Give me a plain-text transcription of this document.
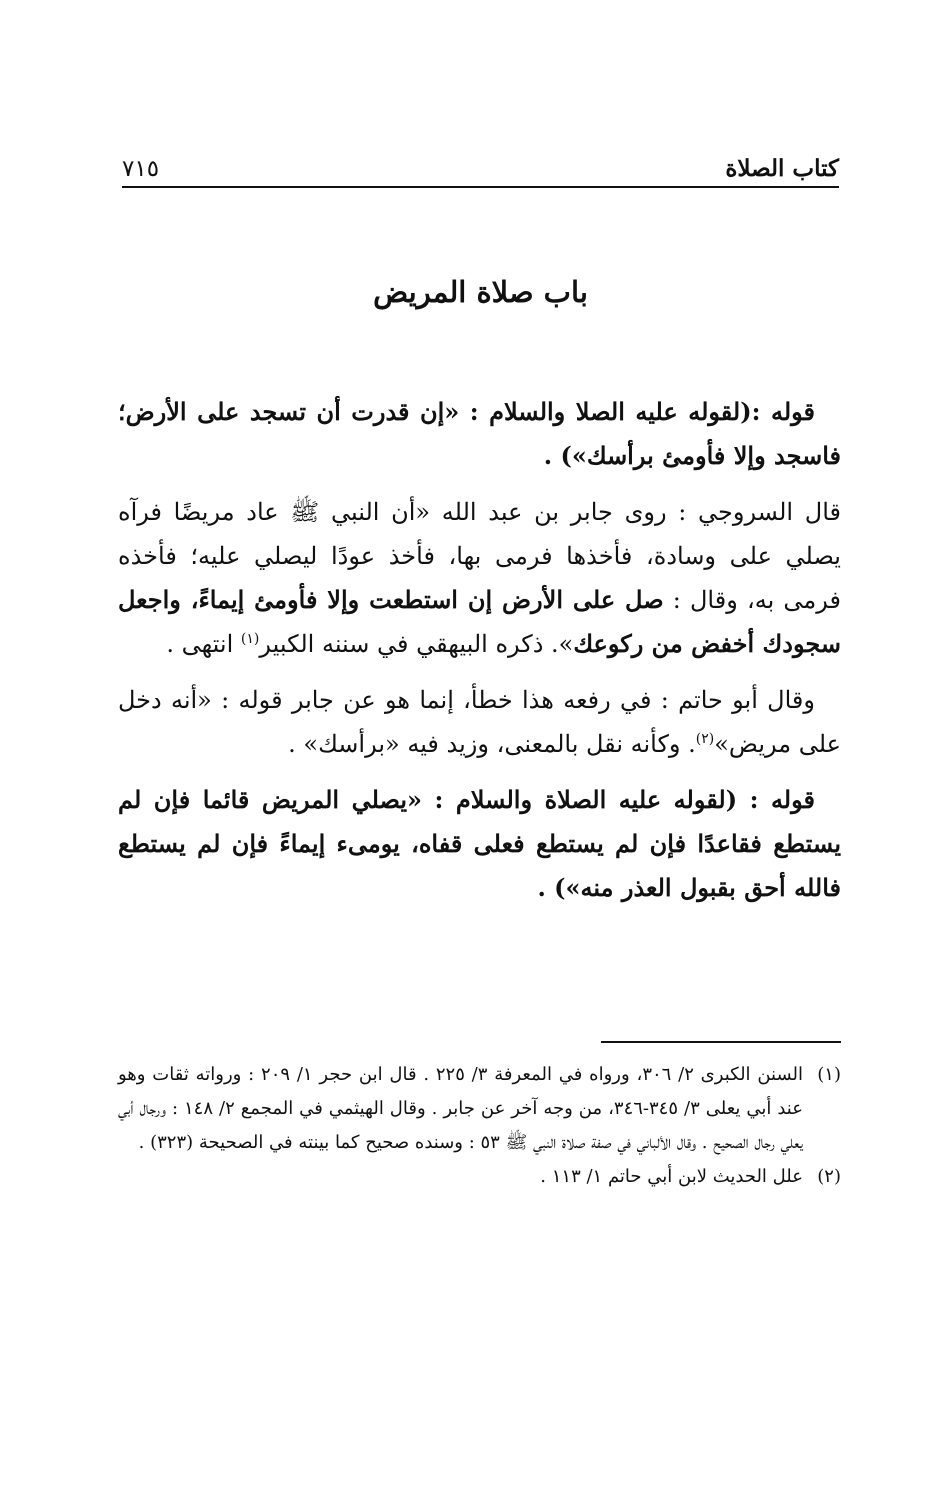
كتاب الصلاة
٧١٥
باب صلاة المريض

قوله :(لقوله عليه الصلا والسلام : «إن قدرت أن تسجد على الأرض؛ فاسجد وإلا فأومئ برأسك») .

قال السروجي : روى جابر بن عبد الله «أن النبي ﷺ عاد مريضًا فرآه يصلي على وسادة، فأخذها فرمى بها، فأخذ عودًا ليصلي عليه؛ فأخذه فرمى به، وقال : صل على الأرض إن استطعت وإلا فأومئ إيماءً، واجعل سجودك أخفض من ركوعك». ذكره البيهقي في سننه الكبير$^{(١)}$ انتهى .

وقال أبو حاتم : في رفعه هذا خطأ، إنما هو عن جابر قوله : «أنه دخل على مريض»$^{(٢)}$. وكأنه نقل بالمعنى، وزيد فيه «برأسك» .

قوله : (لقوله عليه الصلاة والسلام : «يصلي المريض قائما فإن لم يستطع فقاعدًا فإن لم يستطع فعلى قفاه، يومىء إيماءً فإن لم يستطع فالله أحق بقبول العذر منه») .

(١)
السنن الكبرى ٢/ ٣٠٦، ورواه في المعرفة ٣/ ٢٢٥ . قال ابن حجر ١/ ٢٠٩ : ورواته ثقات وهو عند أبي يعلى ٣/ ٣٤٥-٣٤٦، من وجه آخر عن جابر . وقال الهيثمي في المجمع ٢/ ١٤٨ : ورجال أبي يعلي رجال الصحيح . وقال الألباني في صفة صلاة النبي ﷺ ٥٣ : وسنده صحيح كما بينته في الصحيحة (٣٢٣) .
(٢)
علل الحديث لابن أبي حاتم ١/ ١١٣ .
